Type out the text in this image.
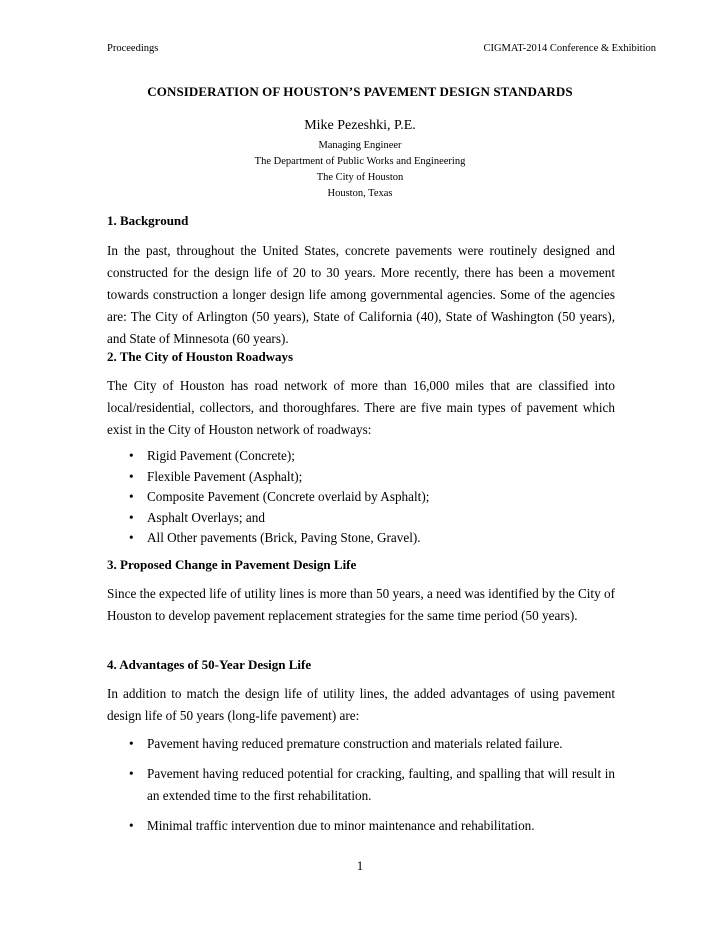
Proceedings	CIGMAT-2014 Conference & Exhibition
CONSIDERATION OF HOUSTON’S PAVEMENT DESIGN STANDARDS
Mike Pezeshki, P.E.
Managing Engineer
The Department of Public Works and Engineering
The City of Houston
Houston, Texas
1. Background
In the past, throughout the United States, concrete pavements were routinely designed and constructed for the design life of 20 to 30 years. More recently, there has been a movement towards construction a longer design life among governmental agencies. Some of the agencies are: The City of Arlington (50 years), State of California (40), State of Washington (50 years), and State of Minnesota (60 years).
2. The City of Houston Roadways
The City of Houston has road network of more than 16,000 miles that are classified into local/residential, collectors, and thoroughfares. There are five main types of pavement which exist in the City of Houston network of roadways:
• Rigid Pavement (Concrete);
• Flexible Pavement (Asphalt);
• Composite Pavement (Concrete overlaid by Asphalt);
• Asphalt Overlays; and
• All Other pavements (Brick, Paving Stone, Gravel).
3. Proposed Change in Pavement Design Life
Since the expected life of utility lines is more than 50 years, a need was identified by the City of Houston to develop pavement replacement strategies for the same time period (50 years).
4. Advantages of 50-Year Design Life
In addition to match the design life of utility lines, the added advantages of using pavement design life of 50 years (long-life pavement) are:
• Pavement having reduced premature construction and materials related failure.
• Pavement having reduced potential for cracking, faulting, and spalling that will result in an extended time to the first rehabilitation.
• Minimal traffic intervention due to minor maintenance and rehabilitation.
1
